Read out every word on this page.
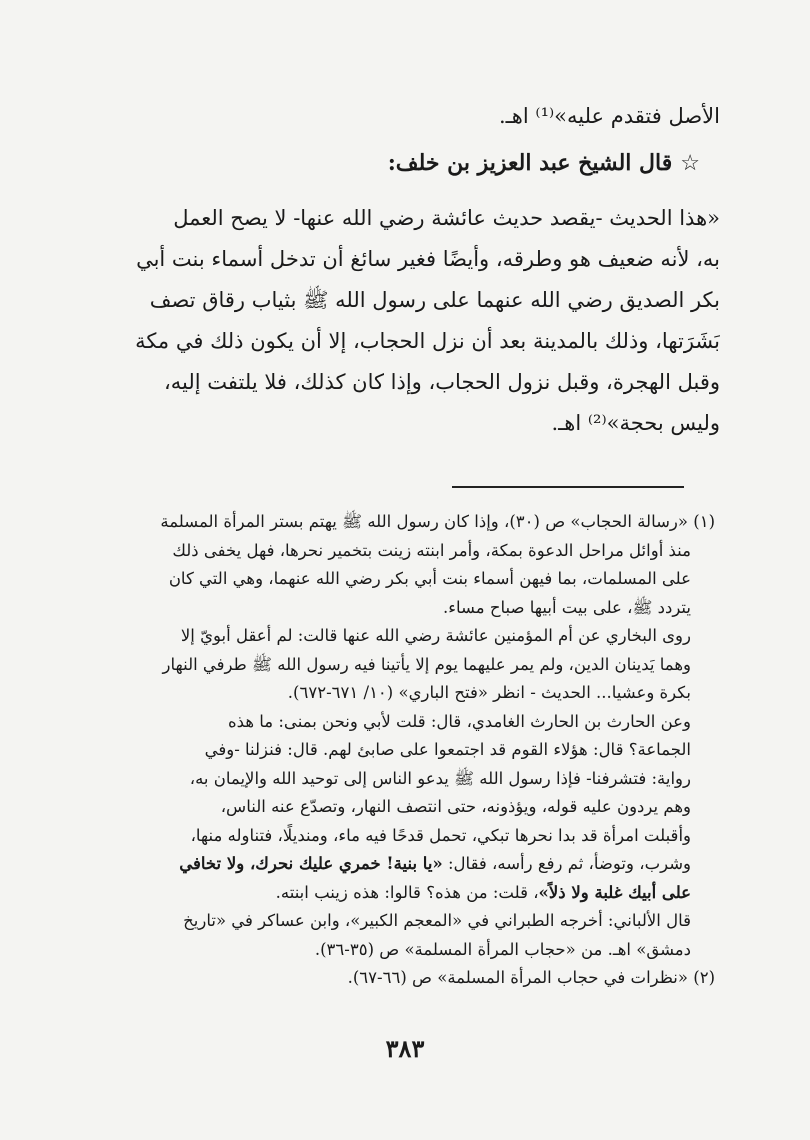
الأصل فتقدم عليه»⁽¹⁾ اهـ.
☆قال الشيخ عبد العزيز بن خلف:
«هذا الحديث -يقصد حديث عائشة رضي الله عنها- لا يصح العمل
به، لأنه ضعيف هو وطرقه، وأيضًا فغير سائغ أن تدخل أسماء بنت أبي
بكر الصديق رضي الله عنهما على رسول الله ﷺ بثياب رقاق تصف
بَشَرَتها، وذلك بالمدينة بعد أن نزل الحجاب، إلا أن يكون ذلك في مكة
وقبل الهجرة، وقبل نزول الحجاب، وإذا كان كذلك، فلا يلتفت إليه،
وليس بحجة»⁽²⁾ اهـ.
(١) «رسالة الحجاب» ص (٣٠)، وإذا كان رسول الله ﷺ يهتم بستر المرأة المسلمة
منذ أوائل مراحل الدعوة بمكة، وأمر ابنته زينت بتخمير نحرها، فهل يخفى ذلك
على المسلمات، بما فيهن أسماء بنت أبي بكر رضي الله عنهما، وهي التي كان
يتردد ﷺ، على بيت أبيها صباح مساء.
روى البخاري عن أم المؤمنين عائشة رضي الله عنها قالت: لم أعقل أبويّ إلا
وهما يَدينان الدين، ولم يمر عليهما يوم إلا يأتينا فيه رسول الله ﷺ طرفي النهار
بكرة وعشيا... الحديث - انظر «فتح الباري» (١٠/ ٦٧١-٦٧٢).
وعن الحارث بن الحارث الغامدي، قال: قلت لأبي ونحن بمنى: ما هذه
الجماعة؟ قال: هؤلاء القوم قد اجتمعوا على صابئ لهم. قال: فنزلنا -وفي
رواية: فتشرفنا- فإذا رسول الله ﷺ يدعو الناس إلى توحيد الله والإيمان به،
وهم يردون عليه قوله، ويؤذونه، حتى انتصف النهار، وتصدّع عنه الناس،
وأقبلت امرأة قد بدا نحرها تبكي، تحمل قدحًا فيه ماء، ومنديلًا، فتناوله منها،
وشرب، وتوضأ، ثم رفع رأسه، فقال: «يا بنية! خمري عليك نحرك، ولا تخافي
على أبيك غلبة ولا ذلاً»، قلت: من هذه؟ قالوا: هذه زينب ابنته.
قال الألباني: أخرجه الطبراني في «المعجم الكبير»، وابن عساكر في «تاريخ
دمشق» اهـ. من «حجاب المرأة المسلمة» ص (٣٥-٣٦).
(٢) «نظرات في حجاب المرأة المسلمة» ص (٦٦-٦٧).
٣٨٣
